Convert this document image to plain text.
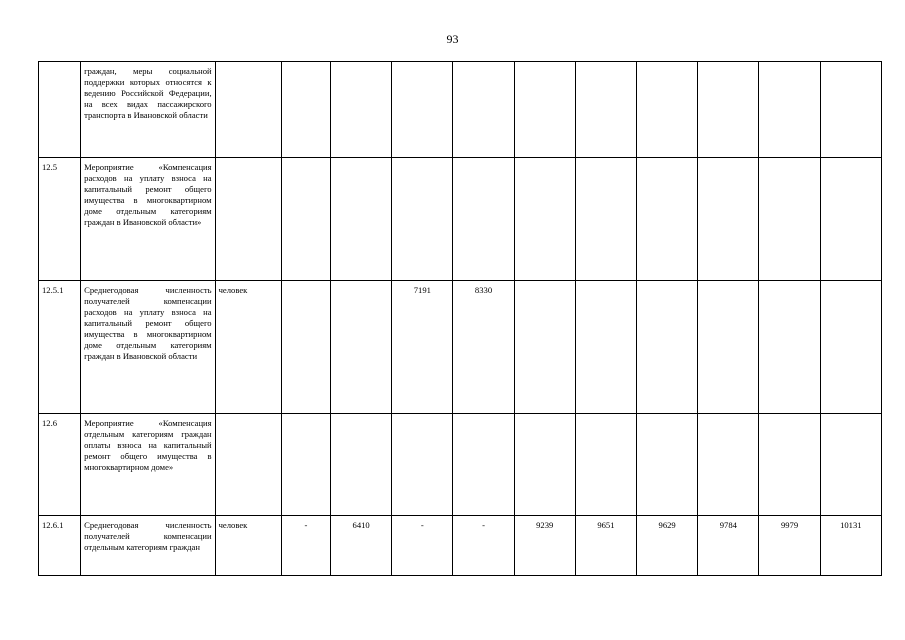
93
	граждан, меры социальной поддержки которых относятся к ведению Российской Федерации, на всех видах пассажирского транспорта в Ивановской области											
12.5	Мероприятие «Компенсация расходов на уплату взноса на капитальный ремонт общего имущества в многоквартирном доме отдельным категориям граждан в Ивановской области»											
12.5.1	Среднегодовая численность получателей компенсации расходов на уплату взноса на капитальный ремонт общего имущества в многоквартирном доме отдельным категориям граждан в Ивановской области	человек			7191	8330						
12.6	Мероприятие «Компенсация отдельным категориям граждан оплаты взноса на капитальный ремонт общего имущества в многоквартирном доме»											
12.6.1	Среднегодовая численность получателей компенсации отдельным категориям граждан	человек	-	6410	-	-	9239	9651	9629	9784	9979	10131
